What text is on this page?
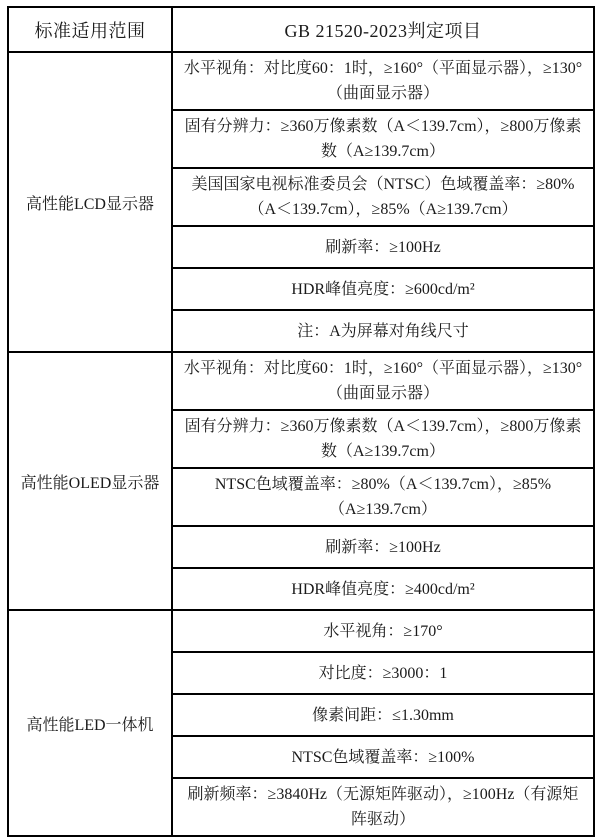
标准适用范围	GB 21520-2023判定项目
高性能LCD显示器	水平视角：对比度60：1时，≥160°（平面显示器），≥130°（曲面显示器）
	固有分辨力：≥360万像素数（A＜139.7cm），≥800万像素数（A≥139.7cm）
	美国国家电视标准委员会（NTSC）色域覆盖率：≥80%（A＜139.7cm），≥85%（A≥139.7cm）
	刷新率：≥100Hz
	HDR峰值亮度：≥600cd/m²
	注：A为屏幕对角线尺寸
高性能OLED显示器	水平视角：对比度60：1时，≥160°（平面显示器），≥130°（曲面显示器）
	固有分辨力：≥360万像素数（A＜139.7cm），≥800万像素数（A≥139.7cm）
	NTSC色域覆盖率：≥80%（A＜139.7cm），≥85%（A≥139.7cm）
	刷新率：≥100Hz
	HDR峰值亮度：≥400cd/m²
高性能LED一体机	水平视角：≥170°
	对比度：≥3000：1
	像素间距：≤1.30mm
	NTSC色域覆盖率：≥100%
	刷新频率：≥3840Hz（无源矩阵驱动），≥100Hz（有源矩阵驱动）
